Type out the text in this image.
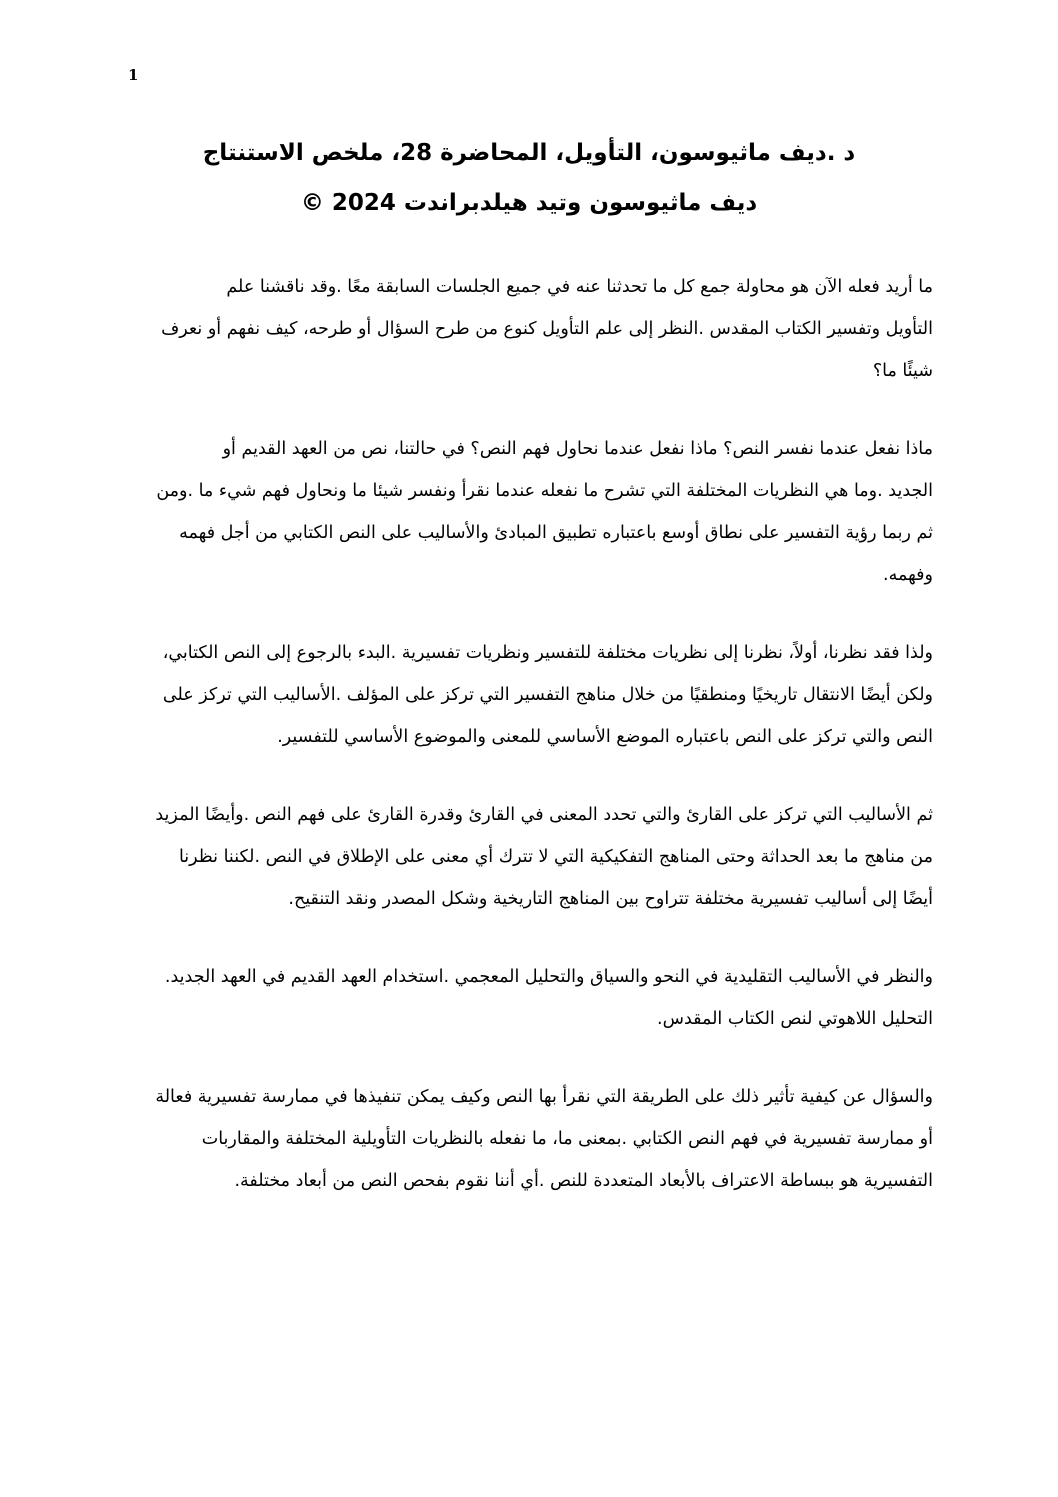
1
د .ديف ماثيوسون، التأويل، المحاضرة 28، ملخص الاستنتاج
ديف ماثيوسون وتيد هيلدبراندت 2024 ©
ما أريد فعله الآن هو محاولة جمع كل ما تحدثنا عنه في جميع الجلسات السابقة معًا .وقد ناقشنا علم
التأويل وتفسير الكتاب المقدس .النظر إلى علم التأويل كنوع من طرح السؤال أو طرحه، كيف نفهم أو نعرف
شيئًا ما؟
ماذا نفعل عندما نفسر النص؟ ماذا نفعل عندما نحاول فهم النص؟ في حالتنا، نص من العهد القديم أو
الجديد .وما هي النظريات المختلفة التي تشرح ما نفعله عندما نقرأ ونفسر شيئا ما ونحاول فهم شيء ما .ومن
ثم ربما رؤية التفسير على نطاق أوسع باعتباره تطبيق المبادئ والأساليب على النص الكتابي من أجل فهمه
وفهمه.
ولذا فقد نظرنا، أولاً، نظرنا إلى نظريات مختلفة للتفسير ونظريات تفسيرية .البدء بالرجوع إلى النص الكتابي،
ولكن أيضًا الانتقال تاريخيًا ومنطقيًا من خلال مناهج التفسير التي تركز على المؤلف .الأساليب التي تركز على
النص والتي تركز على النص باعتباره الموضع الأساسي للمعنى والموضوع الأساسي للتفسير.
ثم الأساليب التي تركز على القارئ والتي تحدد المعنى في القارئ وقدرة القارئ على فهم النص .وأيضًا المزيد
من مناهج ما بعد الحداثة وحتى المناهج التفكيكية التي لا تترك أي معنى على الإطلاق في النص .لكننا نظرنا
أيضًا إلى أساليب تفسيرية مختلفة تتراوح بين المناهج التاريخية وشكل المصدر ونقد التنقيح.
والنظر في الأساليب التقليدية في النحو والسياق والتحليل المعجمي .استخدام العهد القديم في العهد الجديد.
التحليل اللاهوتي لنص الكتاب المقدس.
والسؤال عن كيفية تأثير ذلك على الطريقة التي نقرأ بها النص وكيف يمكن تنفيذها في ممارسة تفسيرية فعالة
أو ممارسة تفسيرية في فهم النص الكتابي .بمعنى ما، ما نفعله بالنظريات التأويلية المختلفة والمقاربات
التفسيرية هو ببساطة الاعتراف بالأبعاد المتعددة للنص .أي أننا نقوم بفحص النص من أبعاد مختلفة.
